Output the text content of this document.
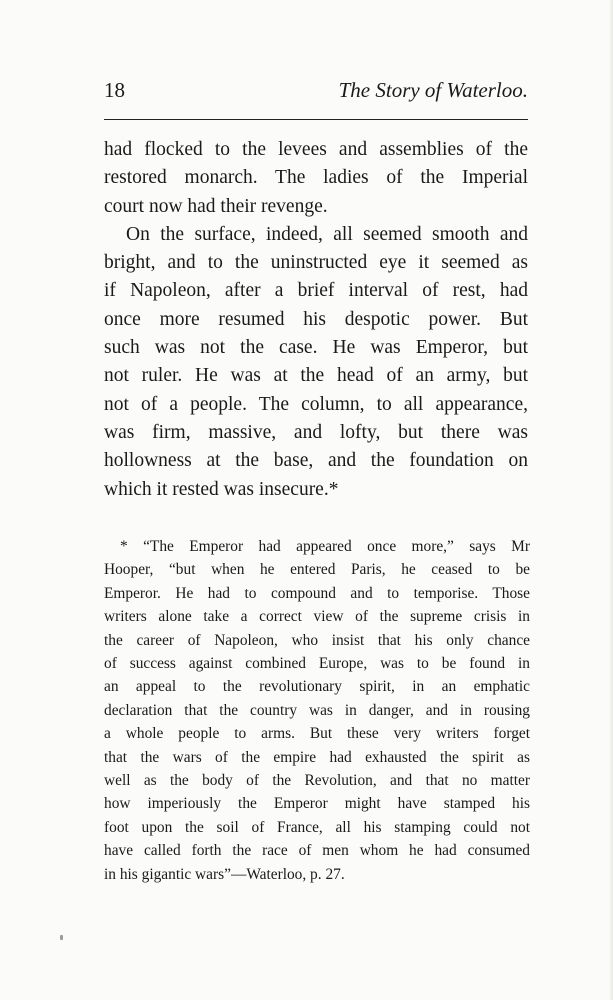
18	The Story of Waterloo.
had flocked to the levees and assemblies of the
restored monarch. The ladies of the Imperial
court now had their revenge.
On the surface, indeed, all seemed smooth and
bright, and to the uninstructed eye it seemed as
if Napoleon, after a brief interval of rest, had
once more resumed his despotic power. But
such was not the case. He was Emperor, but
not ruler. He was at the head of an army, but
not of a people. The column, to all appearance,
was firm, massive, and lofty, but there was
hollowness at the base, and the foundation on
which it rested was insecure.*
* “The Emperor had appeared once more,” says Mr
Hooper, “but when he entered Paris, he ceased to be
Emperor. He had to compound and to temporise. Those
writers alone take a correct view of the supreme crisis in
the career of Napoleon, who insist that his only chance
of success against combined Europe, was to be found in
an appeal to the revolutionary spirit, in an emphatic
declaration that the country was in danger, and in rousing
a whole people to arms. But these very writers forget
that the wars of the empire had exhausted the spirit as
well as the body of the Revolution, and that no matter
how imperiously the Emperor might have stamped his
foot upon the soil of France, all his stamping could not
have called forth the race of men whom he had consumed
in his gigantic wars”—Waterloo, p. 27.
